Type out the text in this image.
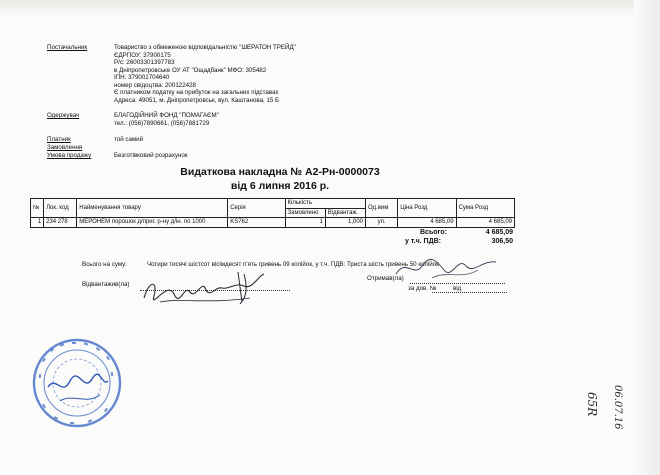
Постачальник	Товариство з обмеженою відповідальністю "ШЕРАТОН ТРЕЙД"
ЄДРПОУ: 37900175
Р/с: 26003301397783
в Дніпропетровське ОУ АТ "Ощадбанк" МФО: 305482
ІПН: 379001704640
номер свідоцтва: 200122428
Є платником податку на прибуток на загальних підставах
Адреса: 49051, м. Дніпропетровськ, вул. Каштанова, 15 Б
Одержувач	БЛАГОДІЙНИЙ ФОНД "ПОМАГАЄМ"
тел.: (056)7890661, (056)7881729
Платник	той самий
Замовлення
Умова продажу	Безготівковий розрахунок
Видаткова накладна № А2-Рн-0000073
від 6 липня 2016 р.
№	Лок. код	Найменування товару	Серія	Кількість		Од.вим	Ціна Розд	Сума Розд
				Замовлено	Відвантаж.			
1	234 278	МЕРОНЕМ порошок д/приг. р-ну д/ін. по 1000	KS762	1	1,000	уп.	4 685,09	4 685,09
Всього:	4 685,09
у т.ч. ПДВ:	306,50
Всього на суму:	Чотири тисячі шістсот вісімдесят п'ять гривень 09 копійок, у т.ч. ПДВ: Триста шість гривень 50 копійок
Відвантажив(ла)
Отримав(ла)
за дов. №	від
65R 06.07.16
